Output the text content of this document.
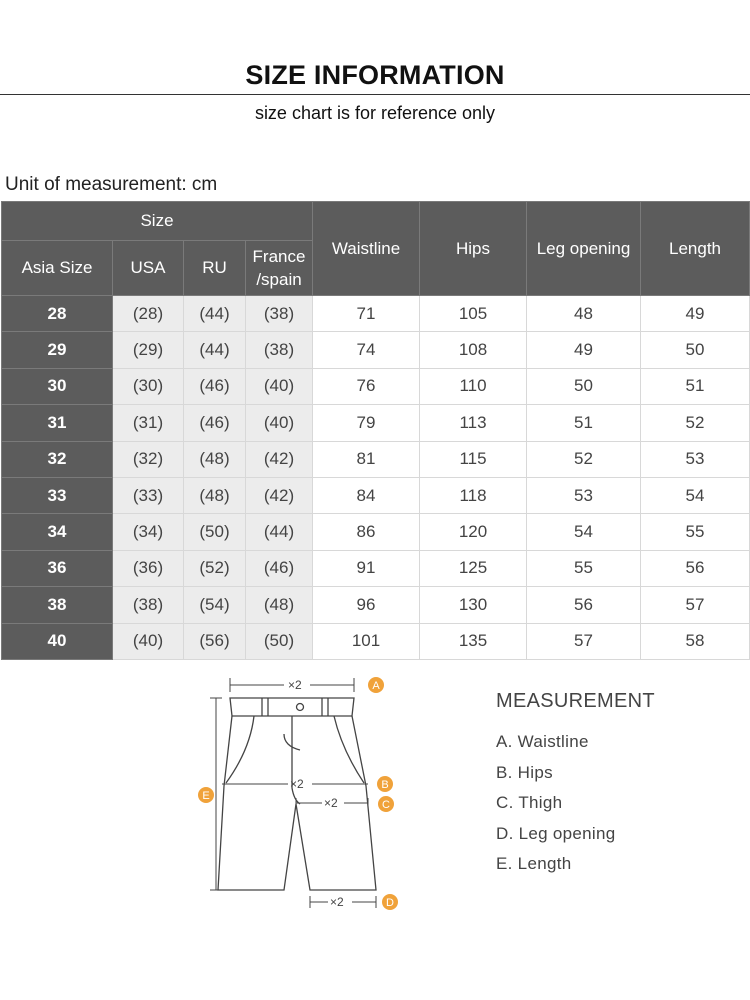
SIZE INFORMATION
size chart is for reference only
Unit of measurement: cm
Size				Waistline	Hips	Leg opening	Length
Asia Size	USA	RU	France
/spain				
28	(28)	(44)	(38)	71	105	48	49
29	(29)	(44)	(38)	74	108	49	50
30	(30)	(46)	(40)	76	110	50	51
31	(31)	(46)	(40)	79	113	51	52
32	(32)	(48)	(42)	81	115	52	53
33	(33)	(48)	(42)	84	118	53	54
34	(34)	(50)	(44)	86	120	54	55
36	(36)	(52)	(46)	91	125	55	56
38	(38)	(54)	(48)	96	130	56	57
40	(40)	(56)	(50)	101	135	57	58
×2	A
×2	B
×2	C
E
×2	D
MEASUREMENT
A. Waistline
B. Hips
C. Thigh
D. Leg opening
E. Length
